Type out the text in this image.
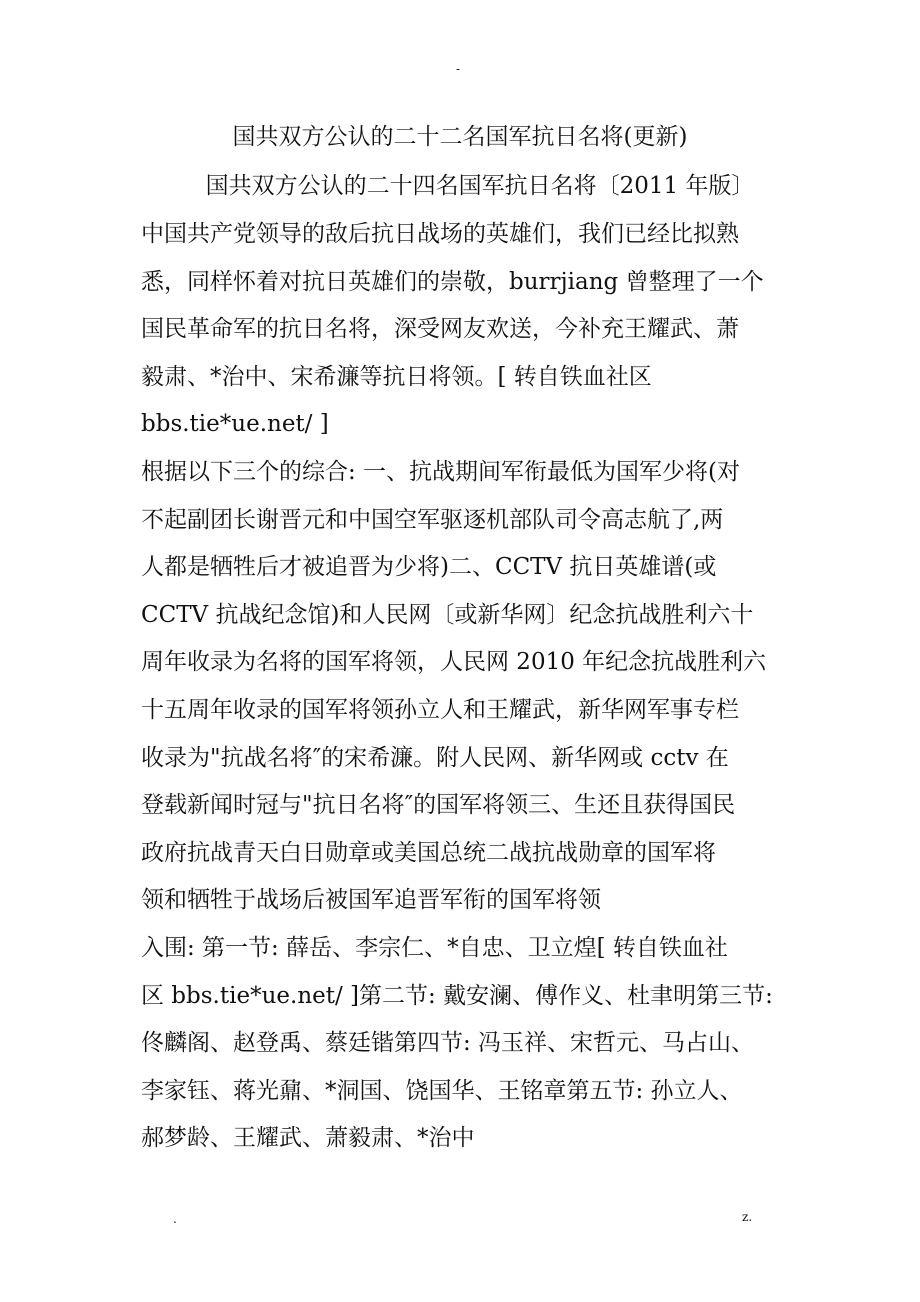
-
国共双方公认的二十二名国军抗日名将(更新)
国共双方公认的二十四名国军抗日名将〔2011 年版〕
中国共产党领导的敌后抗日战场的英雄们，我们已经比拟熟
悉，同样怀着对抗日英雄们的崇敬，burrjiang 曾整理了一个
国民革命军的抗日名将，深受网友欢送，今补充王耀武、萧
毅肃、*治中、宋希濂等抗日将领。[ 转自铁血社区
bbs.tie*ue.net/ ]
根据以下三个的综合: 一、抗战期间军衔最低为国军少将(对
不起副团长谢晋元和中国空军驱逐机部队司令高志航了,两
人都是牺牲后才被追晋为少将)二、CCTV 抗日英雄谱(或
CCTV 抗战纪念馆)和人民网〔或新华网〕纪念抗战胜利六十
周年收录为名将的国军将领，人民网 2010 年纪念抗战胜利六
十五周年收录的国军将领孙立人和王耀武，新华网军事专栏
收录为"抗战名将″的宋希濂。附人民网、新华网或 cctv 在
登载新闻时冠与"抗日名将″的国军将领三、生还且获得国民
政府抗战青天白日勋章或美国总统二战抗战勋章的国军将
领和牺牲于战场后被国军追晋军衔的国军将领
入围: 第一节: 薛岳、李宗仁、*自忠、卫立煌[ 转自铁血社
区 bbs.tie*ue.net/ ]第二节: 戴安澜、傅作义、杜聿明第三节:
佟麟阁、赵登禹、蔡廷锴第四节: 冯玉祥、宋哲元、马占山、
李家钰、蒋光鼐、*洞国、饶国华、王铭章第五节: 孙立人、
郝梦龄、王耀武、萧毅肃、*治中
.	z.
